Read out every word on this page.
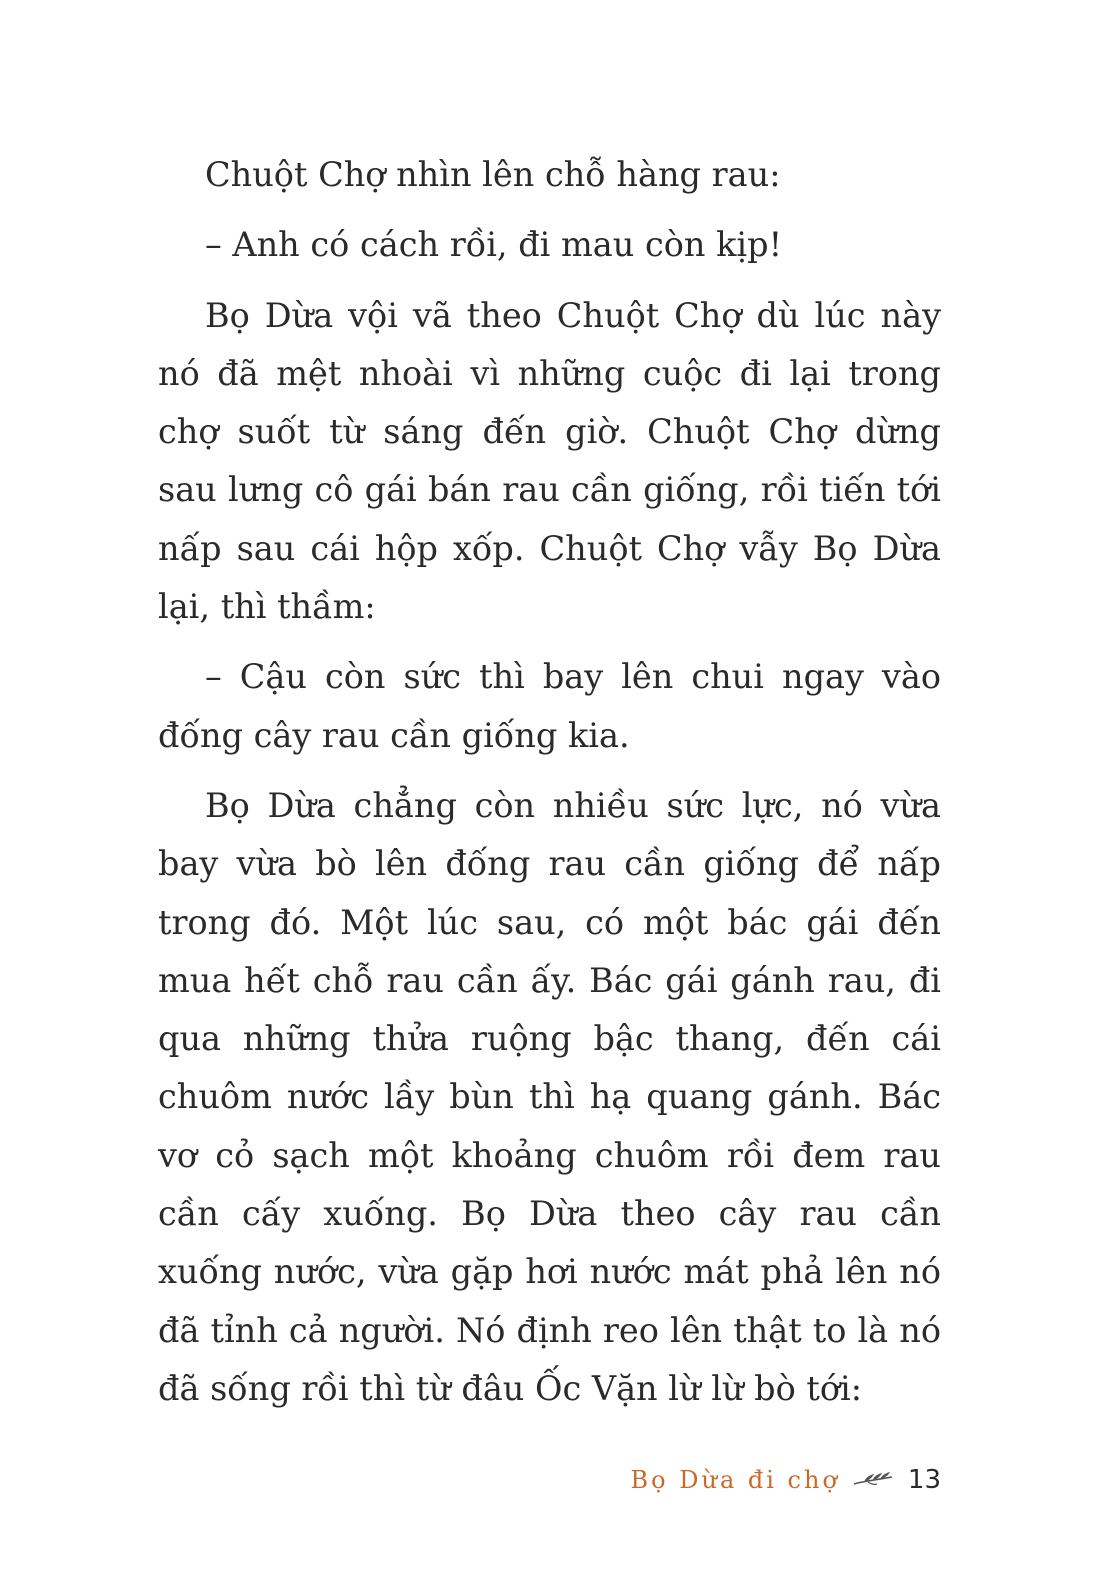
Chuột Chợ nhìn lên chỗ hàng rau:

– Anh có cách rồi, đi mau còn kịp!

Bọ Dừa vội vã theo Chuột Chợ dù lúc này nó đã mệt nhoài vì những cuộc đi lại trong chợ suốt từ sáng đến giờ. Chuột Chợ dừng sau lưng cô gái bán rau cần giống, rồi tiến tới nấp sau cái hộp xốp. Chuột Chợ vẫy Bọ Dừa lại, thì thầm:

– Cậu còn sức thì bay lên chui ngay vào đống cây rau cần giống kia.

Bọ Dừa chẳng còn nhiều sức lực, nó vừa bay vừa bò lên đống rau cần giống để nấp trong đó. Một lúc sau, có một bác gái đến mua hết chỗ rau cần ấy. Bác gái gánh rau, đi qua những thửa ruộng bậc thang, đến cái chuôm nước lầy bùn thì hạ quang gánh. Bác vơ cỏ sạch một khoảng chuôm rồi đem rau cần cấy xuống. Bọ Dừa theo cây rau cần xuống nước, vừa gặp hơi nước mát phả lên nó đã tỉnh cả người. Nó định reo lên thật to là nó đã sống rồi thì từ đâu Ốc Vặn lừ lừ bò tới:

Bọ Dừa đi chợ	13
